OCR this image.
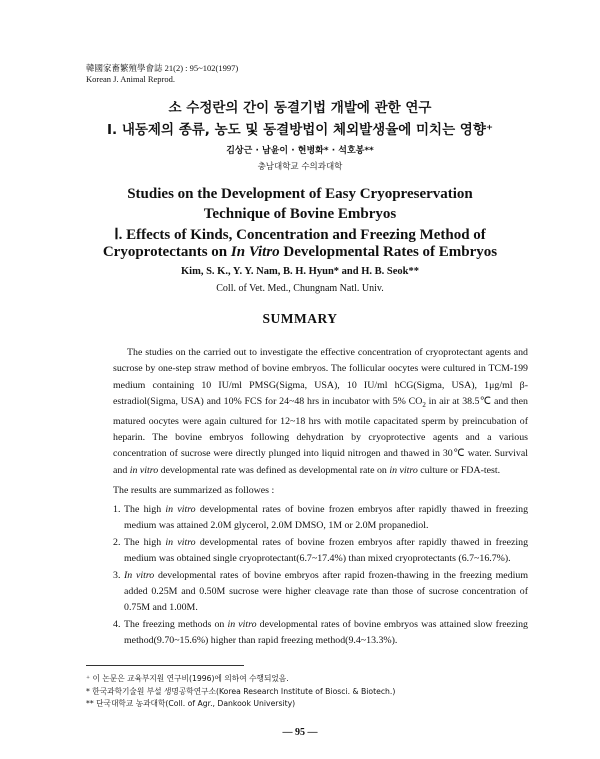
韓國家畜繁殖學會誌 21(2) : 95~102(1997)
Korean J. Animal Reprod.
소 수정란의 간이 동결기법 개발에 관한 연구
Ⅰ. 내동제의 종류, 농도 및 동결방법이 체외발생율에 미치는 영향⁺
김상근 · 남윤이 · 현병화* · 석호봉**
충남대학교 수의과대학
Studies on the Development of Easy Cryopreservation
Technique of Bovine Embryos
Ⅰ. Effects of Kinds, Concentration and Freezing Method of
Cryoprotectants on In Vitro Developmental Rates of Embryos
Kim, S. K., Y. Y. Nam, B. H. Hyun* and H. B. Seok**
Coll. of Vet. Med., Chungnam Natl. Univ.
SUMMARY
The studies on the carried out to investigate the effective concentration of cryoprotectant agents and sucrose by one-step straw method of bovine embryos. The follicular oocytes were cultured in TCM-199 medium containing 10 IU/ml PMSG(Sigma, USA), 10 IU/ml hCG(Sigma, USA), 1μg/ml β-estradiol(Sigma, USA) and 10% FCS for 24~48 hrs in incubator with 5% $CO_2$ in air at 38.5℃ and then matured oocytes were again cultured for 12~18 hrs with motile capacitated sperm by preincubation of heparin. The bovine embryos following dehydration by cryoprotective agents and a various concentration of sucrose were directly plunged into liquid nitrogen and thawed in 30℃ water. Survival and in vitro developmental rate was defined as developmental rate on in vitro culture or FDA-test.
The results are summarized as followes :
1. The high in vitro developmental rates of bovine frozen embryos after rapidly thawed in freezing medium was attained 2.0M glycerol, 2.0M DMSO, 1M or 2.0M propanediol.
2. The high in vitro developmental rates of bovine frozen embryos after rapidly thawed in freezing medium was obtained single cryoprotectant(6.7~17.4%) than mixed cryoprotectants (6.7~16.7%).
3. In vitro developmental rates of bovine embryos after rapid frozen-thawing in the freezing medium added 0.25M and 0.50M sucrose were higher cleavage rate than those of sucrose concentration of 0.75M and 1.00M.
4. The freezing methods on in vitro developmental rates of bovine embryos was attained slow freezing method(9.70~15.6%) higher than rapid freezing method(9.4~13.3%).
⁺ 이 논문은 교육부지원 연구비(1996)에 의하여 수행되었음.
* 한국과학기술원 부설 생명공학연구소(Korea Research Institute of Biosci. & Biotech.)
** 단국대학교 농과대학(Coll. of Agr., Dankook University)
― 95 ―
